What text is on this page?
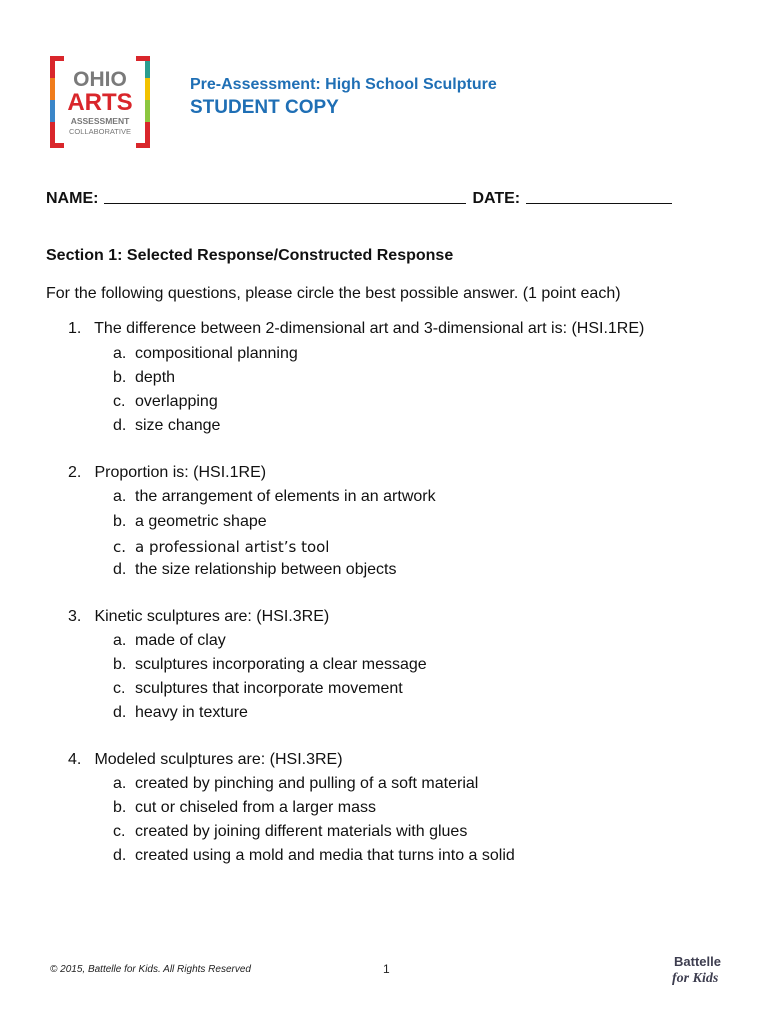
OHIO
ARTS
ASSESSMENT
COLLABORATIVE
Pre-Assessment: High School Sculpture
STUDENT COPY
NAME:	DATE:
Section 1: Selected Response/Constructed Response
For the following questions, please circle the best possible answer. (1 point each)
1. The difference between 2-dimensional art and 3-dimensional art is: (HSI.1RE)
a. compositional planning
b. depth
c. overlapping
d. size change
2. Proportion is: (HSI.1RE)
a. the arrangement of elements in an artwork
b. a geometric shape
c. a professional artist’s tool
d. the size relationship between objects
3. Kinetic sculptures are: (HSI.3RE)
a. made of clay
b. sculptures incorporating a clear message
c. sculptures that incorporate movement
d. heavy in texture
4. Modeled sculptures are: (HSI.3RE)
a. created by pinching and pulling of a soft material
b. cut or chiseled from a larger mass
c. created by joining different materials with glues
d. created using a mold and media that turns into a solid
© 2015, Battelle for Kids. All Rights Reserved	1	Battelle
for Kids
